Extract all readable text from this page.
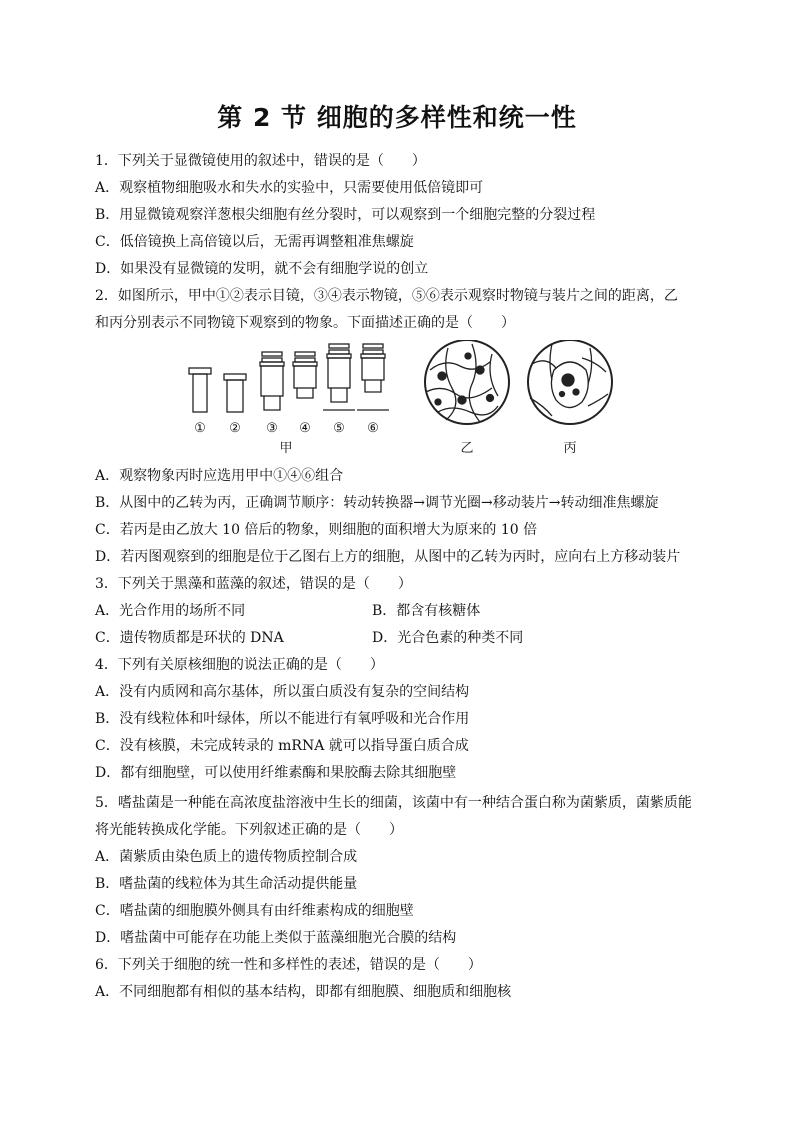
第 2 节 细胞的多样性和统一性
1．下列关于显微镜使用的叙述中，错误的是（　　）
A．观察植物细胞吸水和失水的实验中，只需要使用低倍镜即可
B．用显微镜观察洋葱根尖细胞有丝分裂时，可以观察到一个细胞完整的分裂过程
C．低倍镜换上高倍镜以后，无需再调整粗准焦螺旋
D．如果没有显微镜的发明，就不会有细胞学说的创立
2．如图所示，甲中①②表示目镜，③④表示物镜，⑤⑥表示观察时物镜与装片之间的距离，乙
和丙分别表示不同物镜下观察到的物象。下面描述正确的是（　　）
① ② ③ ④ ⑤ ⑥
甲	乙	丙
A．观察物象丙时应选用甲中①④⑥组合
B．从图中的乙转为丙，正确调节顺序：转动转换器→调节光圈→移动装片→转动细准焦螺旋
C．若丙是由乙放大 10 倍后的物象，则细胞的面积增大为原来的 10 倍
D．若丙图观察到的细胞是位于乙图右上方的细胞，从图中的乙转为丙时，应向右上方移动装片
3．下列关于黑藻和蓝藻的叙述，错误的是（　　）
A．光合作用的场所不同	B．都含有核糖体
C．遗传物质都是环状的 DNA	D．光合色素的种类不同
4．下列有关原核细胞的说法正确的是（　　）
A．没有内质网和高尔基体，所以蛋白质没有复杂的空间结构
B．没有线粒体和叶绿体，所以不能进行有氧呼吸和光合作用
C．没有核膜，未完成转录的 mRNA 就可以指导蛋白质合成
D．都有细胞壁，可以使用纤维素酶和果胶酶去除其细胞壁
5．嗜盐菌是一种能在高浓度盐溶液中生长的细菌，该菌中有一种结合蛋白称为菌紫质，菌紫质能
将光能转换成化学能。下列叙述正确的是（　　）
A．菌紫质由染色质上的遗传物质控制合成
B．嗜盐菌的线粒体为其生命活动提供能量
C．嗜盐菌的细胞膜外侧具有由纤维素构成的细胞壁
D．嗜盐菌中可能存在功能上类似于蓝藻细胞光合膜的结构
6．下列关于细胞的统一性和多样性的表述，错误的是（　　）
A．不同细胞都有相似的基本结构，即都有细胞膜、细胞质和细胞核
